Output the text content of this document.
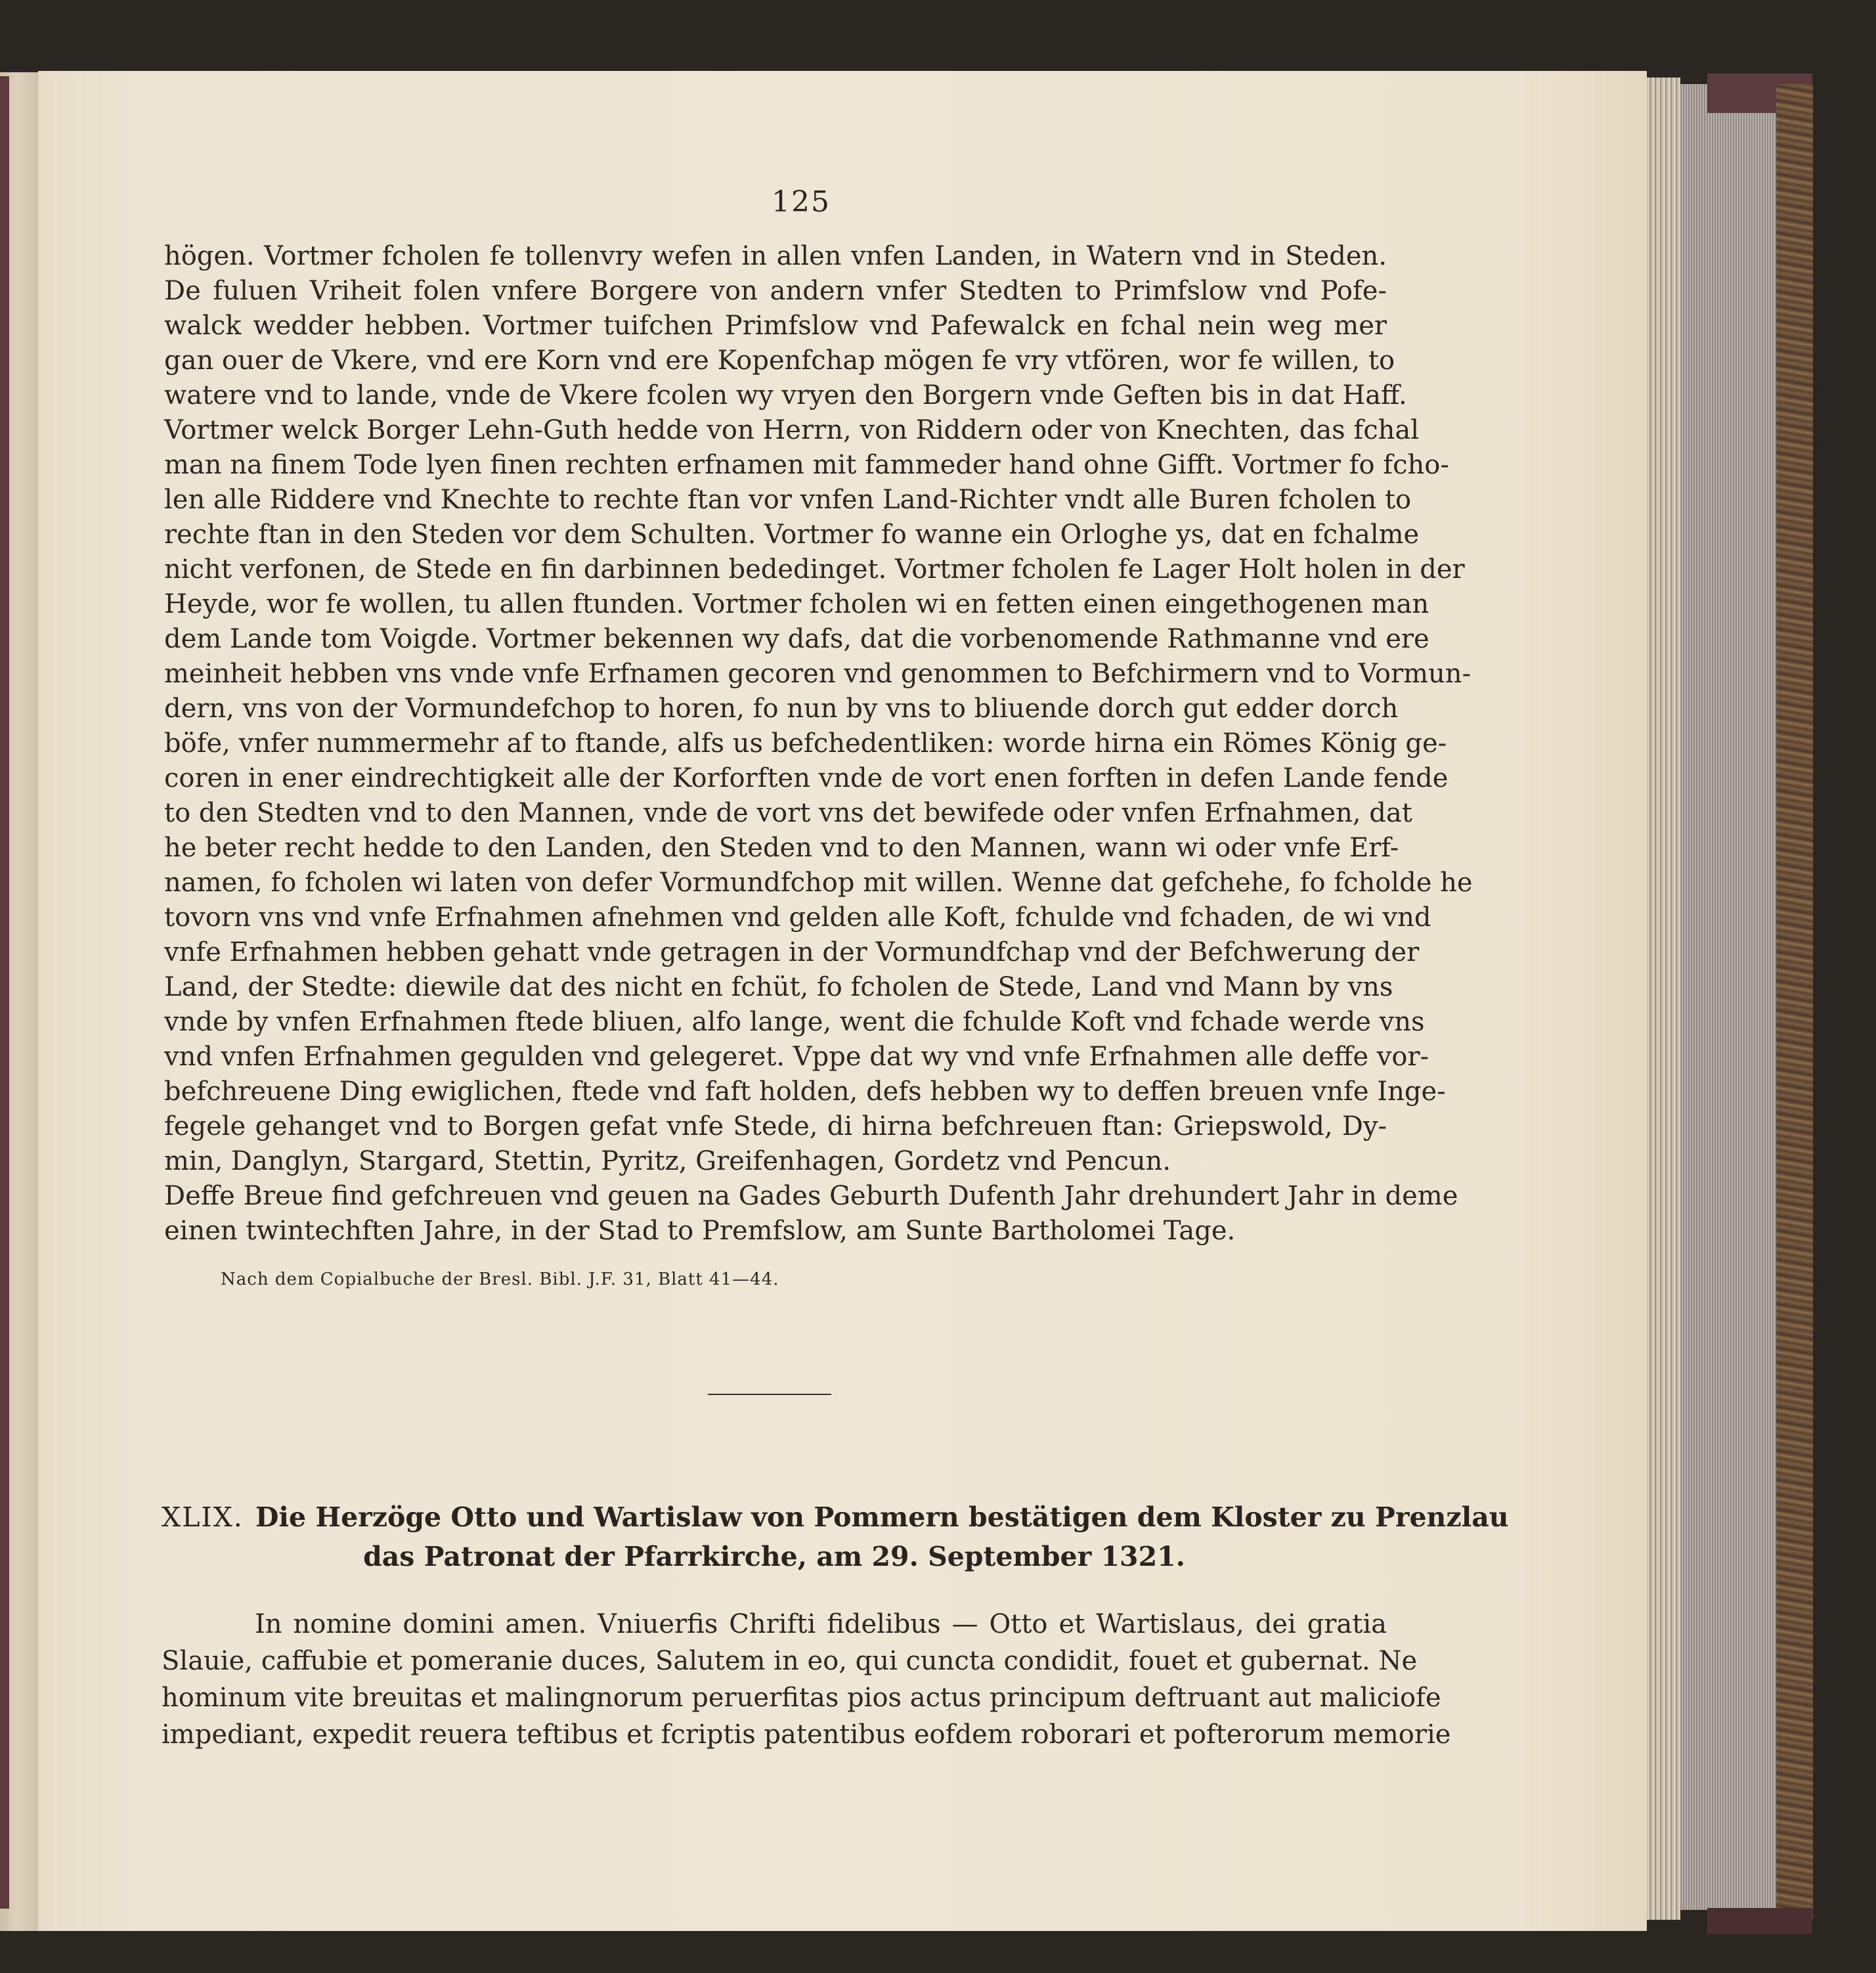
125
högen. Vortmer fcholen fe tollenvry wefen in allen vnfen Landen, in Watern vnd in Steden.
De fuluen Vriheit folen vnfere Borgere von andern vnfer Stedten to Primfslow vnd Pofe-
walck wedder hebben. Vortmer tuifchen Primfslow vnd Pafewalck en fchal nein weg mer
gan ouer de Vkere, vnd ere Korn vnd ere Kopenfchap mögen fe vry vtfören, wor fe willen, to
watere vnd to lande, vnde de Vkere fcolen wy vryen den Borgern vnde Geften bis in dat Haff.
Vortmer welck Borger Lehn-Guth hedde von Herrn, von Riddern oder von Knechten, das fchal
man na finem Tode lyen finen rechten erfnamen mit fammeder hand ohne Gifft. Vortmer fo fcho-
len alle Riddere vnd Knechte to rechte ftan vor vnfen Land-Richter vndt alle Buren fcholen to
rechte ftan in den Steden vor dem Schulten. Vortmer fo wanne ein Orloghe ys, dat en fchalme
nicht verfonen, de Stede en fin darbinnen bededinget. Vortmer fcholen fe Lager Holt holen in der
Heyde, wor fe wollen, tu allen ftunden. Vortmer fcholen wi en fetten einen eingethogenen man
dem Lande tom Voigde. Vortmer bekennen wy dafs, dat die vorbenomende Rathmanne vnd ere
meinheit hebben vns vnde vnfe Erfnamen gecoren vnd genommen to Befchirmern vnd to Vormun-
dern, vns von der Vormundefchop to horen, fo nun by vns to bliuende dorch gut edder dorch
böfe, vnfer nummermehr af to ftande, alfs us befchedentliken: worde hirna ein Römes König ge-
coren in ener eindrechtigkeit alle der Korforften vnde de vort enen forften in defen Lande fende
to den Stedten vnd to den Mannen, vnde de vort vns det bewifede oder vnfen Erfnahmen, dat
he beter recht hedde to den Landen, den Steden vnd to den Mannen, wann wi oder vnfe Erf-
namen, fo fcholen wi laten von defer Vormundfchop mit willen. Wenne dat gefchehe, fo fcholde he
tovorn vns vnd vnfe Erfnahmen afnehmen vnd gelden alle Koft, fchulde vnd fchaden, de wi vnd
vnfe Erfnahmen hebben gehatt vnde getragen in der Vormundfchap vnd der Befchwerung der
Land, der Stedte: diewile dat des nicht en fchüt, fo fcholen de Stede, Land vnd Mann by vns
vnde by vnfen Erfnahmen ftede bliuen, alfo lange, went die fchulde Koft vnd fchade werde vns
vnd vnfen Erfnahmen gegulden vnd gelegeret. Vppe dat wy vnd vnfe Erfnahmen alle deffe vor-
befchreuene Ding ewiglichen, ftede vnd faft holden, defs hebben wy to deffen breuen vnfe Inge-
fegele gehanget vnd to Borgen gefat vnfe Stede, di hirna befchreuen ftan: Griepswold, Dy-
min, Danglyn, Stargard, Stettin, Pyritz, Greifenhagen, Gordetz vnd Pencun.
Deffe Breue find gefchreuen vnd geuen na Gades Geburth Dufenth Jahr drehundert Jahr in deme
einen twintechften Jahre, in der Stad to Premfslow, am Sunte Bartholomei Tage.
Nach dem Copialbuche der Bresl. Bibl. J.F. 31, Blatt 41—44.
XLIX. Die Herzöge Otto und Wartislaw von Pommern bestätigen dem Kloster zu Prenzlau
das Patronat der Pfarrkirche, am 29. September 1321.
In nomine domini amen. Vniuerfis Chrifti fidelibus — Otto et Wartislaus, dei gratia
Slauie, caffubie et pomeranie duces, Salutem in eo, qui cuncta condidit, fouet et gubernat. Ne
hominum vite breuitas et malingnorum peruerfitas pios actus principum deftruant aut maliciofe
impediant, expedit reuera teftibus et fcriptis patentibus eofdem roborari et pofterorum memorie
